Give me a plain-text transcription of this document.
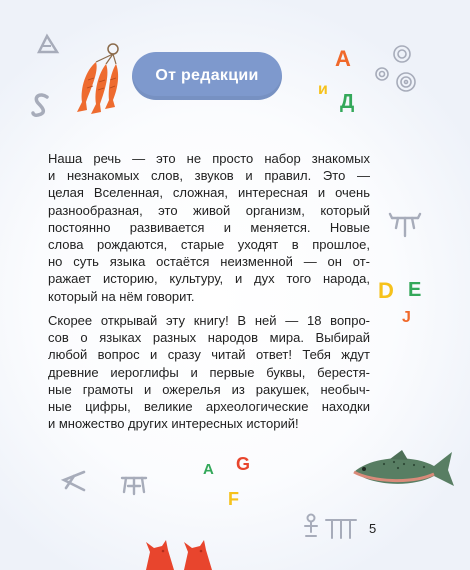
От редакции
А
и
Д
D E
J
Наша речь — это не просто набор знакомых
и незнакомых слов, звуков и правил. Это —
целая Вселенная, сложная, интересная и очень
разнообразная, это живой организм, который
постоянно развивается и меняется. Новые
слова рождаются, старые уходят в прошлое,
но суть языка остаётся неизменной — он от-
ражает историю, культуру, и дух того народа,
который на нём говорит.
Скорее открывай эту книгу! В ней — 18 вопро-
сов о языках разных народов мира. Выбирай
любой вопрос и сразу читай ответ! Тебя ждут
древние иероглифы и первые буквы, берестя-
ные грамоты и ожерелья из ракушек, необыч-
ные цифры, великие археологические находки
и множество других интересных историй!
A G
F
5
